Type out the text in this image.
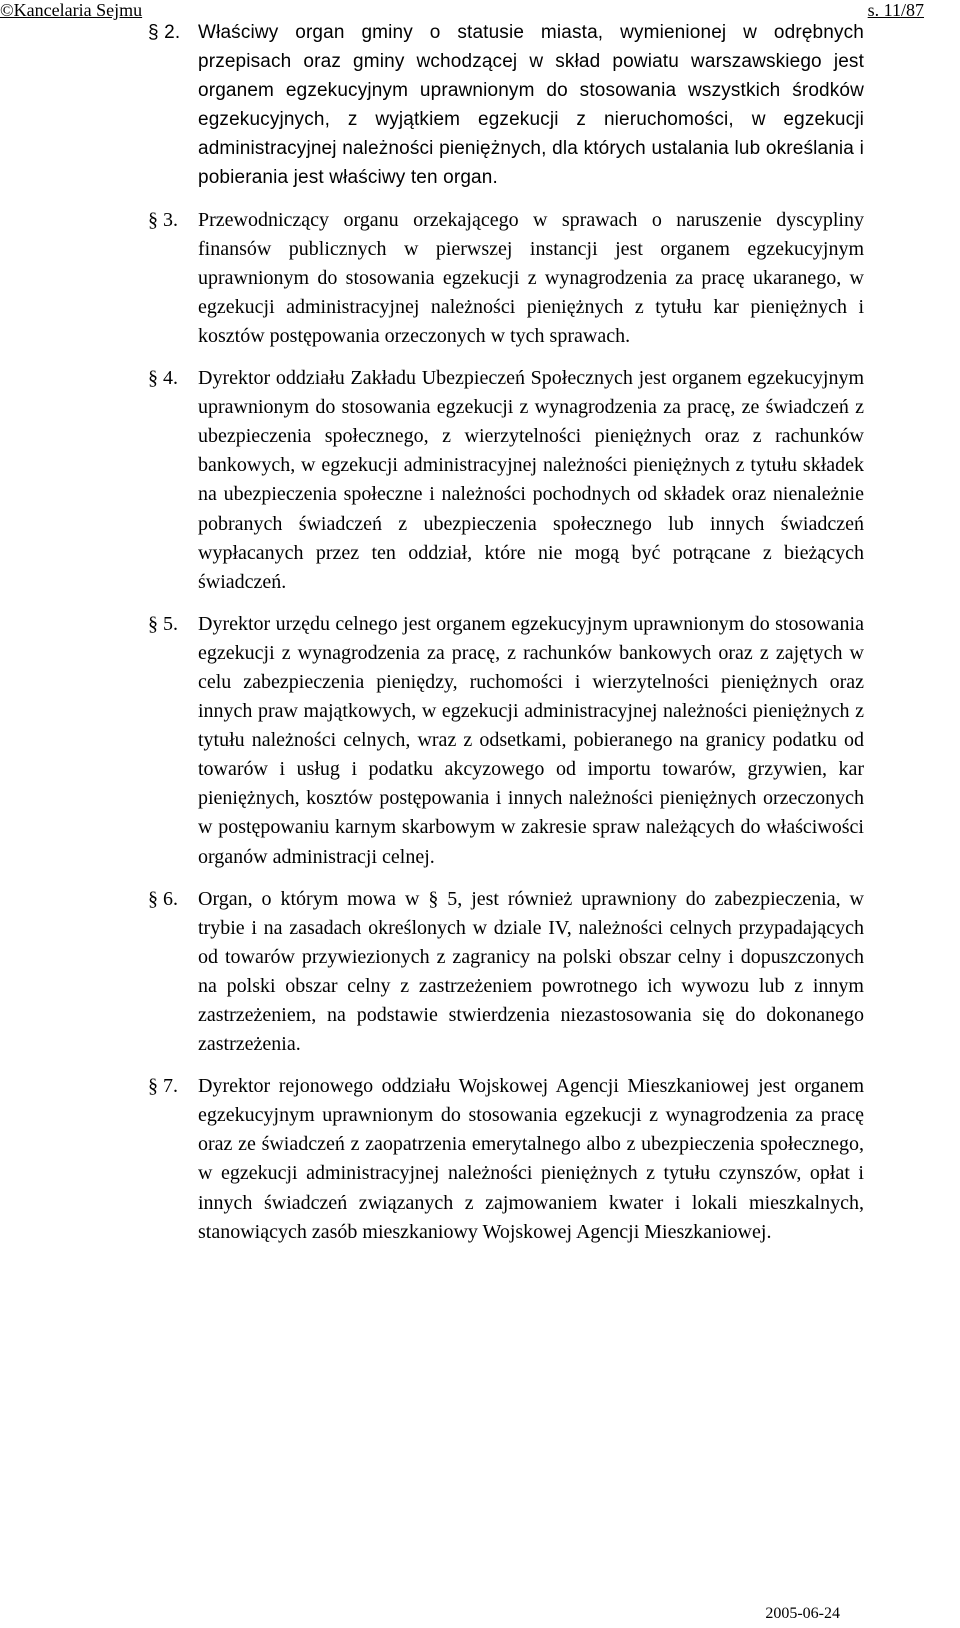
©Kancelaria Sejmu	s. 11/87
§ 2. Właściwy organ gminy o statusie miasta, wymienionej w odrębnych przepisach oraz gminy wchodzącej w skład powiatu warszawskiego jest organem egzekucyjnym uprawnionym do stosowania wszystkich środków egzekucyjnych, z wyjątkiem egzekucji z nieruchomości, w egzekucji administracyjnej należności pieniężnych, dla których ustalania lub określania i pobierania jest właściwy ten organ.
§ 3.	Przewodniczący organu orzekającego w sprawach o naruszenie dyscypliny finansów publicznych w pierwszej instancji jest organem egzekucyjnym uprawnionym do stosowania egzekucji z wynagrodzenia za pracę ukaranego, w egzekucji administracyjnej należności pieniężnych z tytułu kar pieniężnych i kosztów postępowania orzeczonych w tych sprawach.
§ 4.	Dyrektor oddziału Zakładu Ubezpieczeń Społecznych jest organem egzekucyjnym uprawnionym do stosowania egzekucji z wynagrodzenia za pracę, ze świadczeń z ubezpieczenia społecznego, z wierzytelności pieniężnych oraz z rachunków bankowych, w egzekucji administracyjnej należności pieniężnych z tytułu składek na ubezpieczenia społeczne i należności pochodnych od składek oraz nienależnie pobranych świadczeń z ubezpieczenia społecznego lub innych świadczeń wypłacanych przez ten oddział, które nie mogą być potrącane z bieżących świadczeń.
§ 5.	Dyrektor urzędu celnego jest organem egzekucyjnym uprawnionym do stosowania egzekucji z wynagrodzenia za pracę, z rachunków bankowych oraz z zajętych w celu zabezpieczenia pieniędzy, ruchomości i wierzytelności pieniężnych oraz innych praw majątkowych, w egzekucji administracyjnej należności pieniężnych z tytułu należności celnych, wraz z odsetkami, pobieranego na granicy podatku od towarów i usług i podatku akcyzowego od importu towarów, grzywien, kar pieniężnych, kosztów postępowania i innych należności pieniężnych orzeczonych w postępowaniu karnym skarbowym w zakresie spraw należących do właściwości organów administracji celnej.
§ 6.	Organ, o którym mowa w § 5, jest również uprawniony do zabezpieczenia, w trybie i na zasadach określonych w dziale IV, należności celnych przypadających od towarów przywiezionych z zagranicy na polski obszar celny i dopuszczonych na polski obszar celny z zastrzeżeniem powrotnego ich wywozu lub z innym zastrzeżeniem, na podstawie stwierdzenia niezastosowania się do dokonanego zastrzeżenia.
§ 7.	Dyrektor rejonowego oddziału Wojskowej Agencji Mieszkaniowej jest organem egzekucyjnym uprawnionym do stosowania egzekucji z wynagrodzenia za pracę oraz ze świadczeń z zaopatrzenia emerytalnego albo z ubezpieczenia społecznego, w egzekucji administracyjnej należności pieniężnych z tytułu czynszów, opłat i innych świadczeń związanych z zajmowaniem kwater i lokali mieszkalnych, stanowiących zasób mieszkaniowy Wojskowej Agencji Mieszkaniowej.
2005-06-24
